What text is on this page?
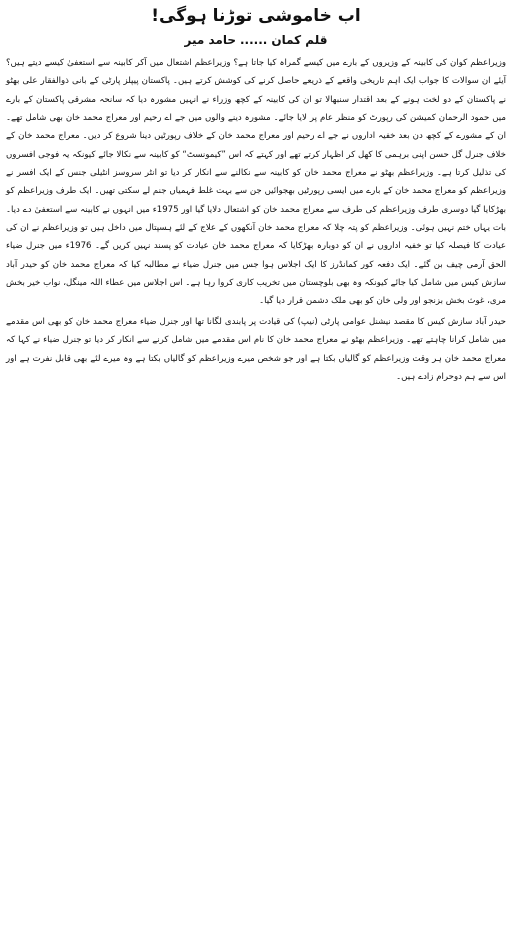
اب خاموشی توڑنا ہوگی!
قلم کمان......حامد میر

وزیراعظم کوان کی کابینہ کے وزیروں کے بارے میں کیسے گمراہ کیا جاتا ہے؟ وزیراعظم اشتعال میں آکر کابینہ سے استعفیٰ کیسے دیتے ہیں؟ آیئے ان سوالات کا جواب ایک اہم تاریخی واقعے کے ذریعے حاصل کرنے کی کوشش کرتے ہیں۔ پاکستان پیپلز پارٹی کے بانی ذوالفقار علی بھٹو نے پاکستان کے دو لخت ہونے کے بعد اقتدار سنبھالا تو ان کی کابینہ کے کچھ وزراء نے انہیں مشورہ دیا کہ سانحہ مشرقی پاکستان کے بارے میں حمود الرحمان کمیشن کی رپورٹ کو منظر عام پر لایا جائے۔ مشورہ دینے والوں میں جے اے رحیم اور معراج محمد خان بھی شامل تھے۔ ان کے مشورے کے کچھ دن بعد خفیہ اداروں نے جے اے رحیم اور معراج محمد خان کے خلاف رپورٹیں دینا شروع کر دیں۔ معراج محمد خان کے خلاف جنرل گل حسن اپنی برہمی کا کھل کر اظہار کرتے تھے اور کہتے کہ اس ”کیمونسٹ“ کو کابینہ سے نکالا جائے کیونکہ یہ فوجی افسروں کی تذلیل کرتا ہے۔ وزیراعظم بھٹو نے معراج محمد خان کو کابینہ سے نکالنے سے انکار کر دیا تو انٹر سروسز انٹیلی جنس کے ایک افسر نے وزیراعظم کو معراج محمد خان کے بارے میں ایسی رپورٹیں بھجوائیں جن سے بہت غلط فہمیاں جنم لے سکتی تھیں۔ ایک طرف وزیراعظم کو بھڑکایا گیا دوسری طرف وزیراعظم کی طرف سے معراج محمد خان کو اشتعال دلایا گیا اور 1975ء میں انہوں نے کابینہ سے استعفیٰ دے دیا۔ بات یہاں ختم نہیں ہوئی۔ وزیراعظم کو پتہ چلا کہ معراج محمد خان آنکھوں کے علاج کے لئے ہسپتال میں داخل ہیں تو وزیراعظم نے ان کی عیادت کا فیصلہ کیا تو خفیہ اداروں نے ان کو دوبارہ بھڑکایا کہ معراج محمد خان عیادت کو پسند نہیں کریں گے۔ 1976ء میں جنرل ضیاء الحق آرمی چیف بن گئے۔ ایک دفعہ کور کمانڈرز کا ایک اجلاس ہوا جس میں جنرل ضیاء نے مطالبہ کیا کہ معراج محمد خان کو حیدر آباد سازش کیس میں شامل کیا جائے کیونکہ وہ بھی بلوچستان میں تخریب کاری کروا رہا ہے۔ اس اجلاس میں عطاء اللہ مینگل، نواب خیر بخش مری، غوث بخش بزنجو اور ولی خان کو بھی ملک دشمن قرار دیا گیا۔

حیدر آباد سازش کیس کا مقصد نیشنل عوامی پارٹی (نیپ) کی قیادت پر پابندی لگانا تھا اور جنرل ضیاء معراج محمد خان کو بھی اس مقدمے میں شامل کرانا چاہتے تھے۔ وزیراعظم بھٹو نے معراج محمد خان کا نام اس مقدمے میں شامل کرنے سے انکار کر دیا تو جنرل ضیاء نے کہا کہ معراج محمد خان ہر وقت وزیراعظم کو گالیاں بکتا ہے اور جو شخص میرے وزیراعظم کو گالیاں بکتا ہے وہ میرے لئے بھی قابل نفرت ہے اور اس سے ہم دوحرام زادے ہیں۔
